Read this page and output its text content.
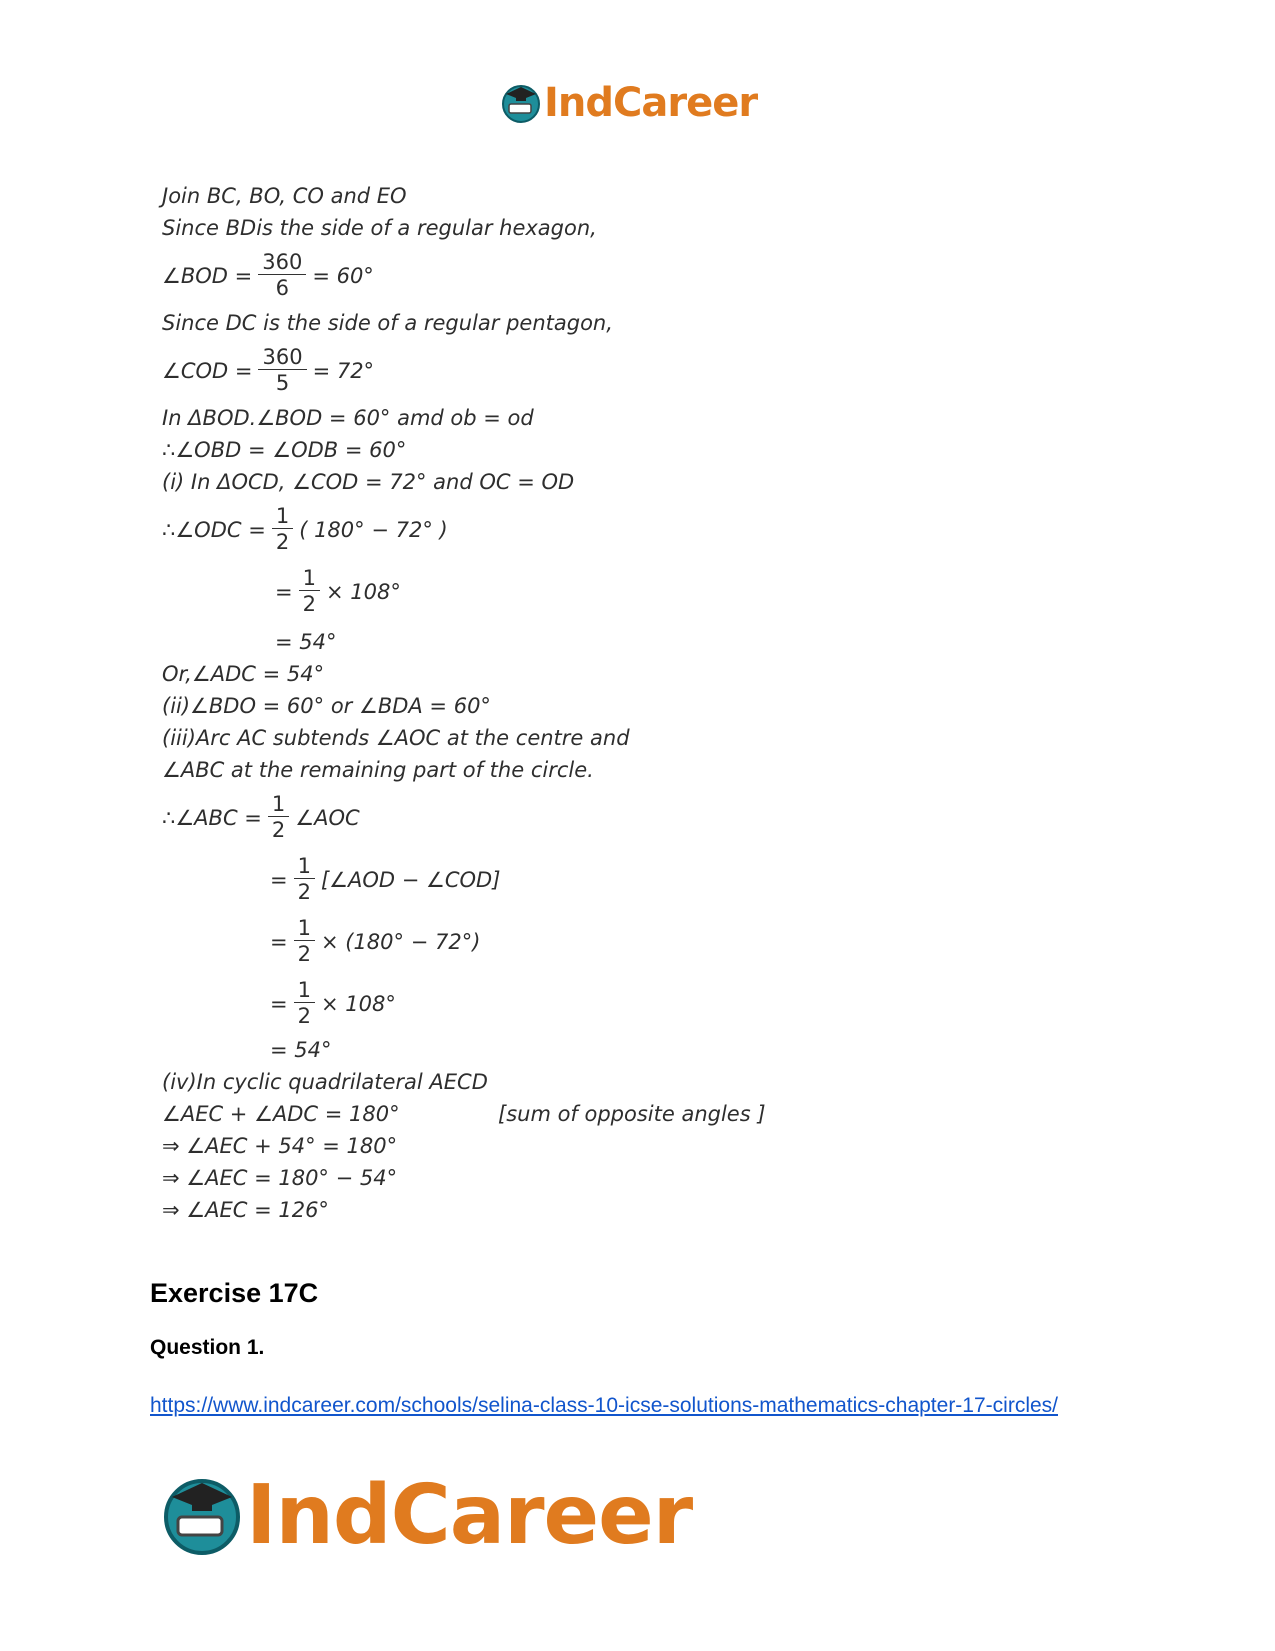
IndCareer
Join BC, BO, CO and EO
Since BDis the side of a regular hexagon,
∠BOD = $\frac{360}{6} = 60^\circ$
Since DC is the side of a regular pentagon,
∠COD = $\frac{360}{5} = 72^\circ$
In ΔBOD.∠BOD = 60° amd ob = od
∴∠OBD = ∠ODB = 60°
(i) In ΔOCD, ∠COD = 72° and OC = OD
∴∠ODC = $\frac{1}{2}$ ( 180° − 72° )
= $\frac{1}{2} \times 108^\circ$
= 54°
Or,∠ADC = 54°
(ii)∠BDO = 60° or ∠BDA = 60°
(iii)Arc AC subtends ∠AOC at the centre and
∠ABC at the remaining part of the circle.
∴∠ABC = $\frac{1}{2}$ ∠AOC
= $\frac{1}{2}$ [∠AOD − ∠COD]
= $\frac{1}{2} \times (180^\circ - 72^\circ)$
= $\frac{1}{2} \times 108^\circ$
= 54°
(iv)In cyclic quadrilateral AECD
∠AEC + ∠ADC = 180°	[sum of opposite angles ]
⇒ ∠AEC + 54° = 180°
⇒ ∠AEC = 180° − 54°
⇒ ∠AEC = 126°
Exercise 17C
Question 1.
https://www.indcareer.com/schools/selina-class-10-icse-solutions-mathematics-chapter-17-circles/
IndCareer
